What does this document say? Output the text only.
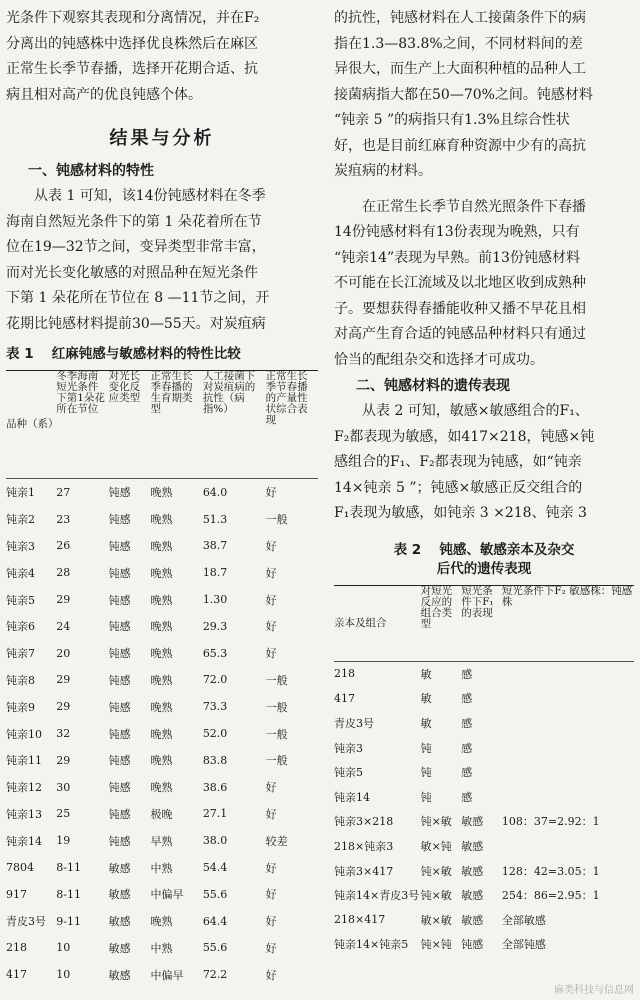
光条件下观察其表现和分离情况，并在F₂

分离出的钝感株中选择优良株然后在麻区

正常生长季节春播，选择开花期合适、抗

病且相对高产的优良钝感个体。

结果与分析
一、钝感材料的特性

从表 1 可知，该14份钝感材料在冬季

海南自然短光条件下的第 1 朵花着所在节

位在19—32节之间，变异类型非常丰富，

而对光长变化敏感的对照品种在短光条件

下第 1 朵花所在节位在 8 —11节之间，开

花期比钝感材料提前30—55天。对炭疽病

表 1　 红麻钝感与敏感材料的特性比较
品种（系）	冬季海南短光条件下第1朵花所在节位	对光长变化反应类型	正常生长季春播的生育期类型	人工接菌下对炭疽病的抗性（病指%）	正常生长季节春播的产量性状综合表现
钝亲1	27	钝感	晚熟	64.0	好
钝亲2	23	钝感	晚熟	51.3	一般
钝亲3	26	钝感	晚熟	38.7	好
钝亲4	28	钝感	晚熟	18.7	好
钝亲5	29	钝感	晚熟	1.30	好
钝亲6	24	钝感	晚熟	29.3	好
钝亲7	20	钝感	晚熟	65.3	好
钝亲8	29	钝感	晚熟	72.0	一般
钝亲9	29	钝感	晚熟	73.3	一般
钝亲10	32	钝感	晚熟	52.0	一般
钝亲11	29	钝感	晚熟	83.8	一般
钝亲12	30	钝感	晚熟	38.6	好
钝亲13	25	钝感	极晚	27.1	好
钝亲14	19	钝感	早熟	38.0	较差
7804	8-11	敏感	中熟	54.4	好
917	8-11	敏感	中偏早	55.6	好
青皮3号	9-11	敏感	晚熟	64.4	好
218	10	敏感	中熟	55.6	好
417	10	敏感	中偏早	72.2	好

的抗性，钝感材料在人工接菌条件下的病

指在1.3—83.8%之间，不同材料间的差

异很大，而生产上大面积种植的品种人工

接菌病指大都在50—70%之间。钝感材料

“钝亲 5 ”的病指只有1.3%且综合性状

好，也是目前红麻育种资源中少有的高抗

炭疽病的材料。

在正常生长季节自然光照条件下春播

14份钝感材料有13份表现为晚熟，只有

“钝亲14”表现为早熟。前13份钝感材料

不可能在长江流域及以北地区收到成熟种

子。要想获得春播能收种又播不早花且相

对高产生育合适的钝感品种材料只有通过

恰当的配组杂交和选择才可成功。

二、钝感材料的遗传表现

从表 2 可知，敏感×敏感组合的F₁、

F₂都表现为敏感，如417×218，钝感×钝

感组合的F₁、F₂都表现为钝感，如“钝亲

14×钝亲 5 ”；钝感×敏感正反交组合的

F₁表现为敏感，如钝亲 3 ×218、钝亲 3

表 2 　钝感、敏感亲本及杂交
后代的遗传表现
亲本及组合	对短光反应的组合类型	短光条件下F₁的表现	短光条件下F₂ 敏感株：钝感株
218	敏	感	
417	敏	感	
青皮3号	敏	感	
钝亲3	钝	感	
钝亲5	钝	感	
钝亲14	钝	感	
钝亲3×218	钝×敏	敏感	108：37=2.92：1
218×钝亲3	敏×钝	敏感	
钝亲3×417	钝×敏	敏感	128：42=3.05：1
钝亲14×青皮3号	钝×敏	敏感	254：86=2.95：1
218×417	敏×敏	敏感	全部敏感
钝亲14×钝亲5	钝×钝	钝感	全部钝感
麻类科技与信息网
